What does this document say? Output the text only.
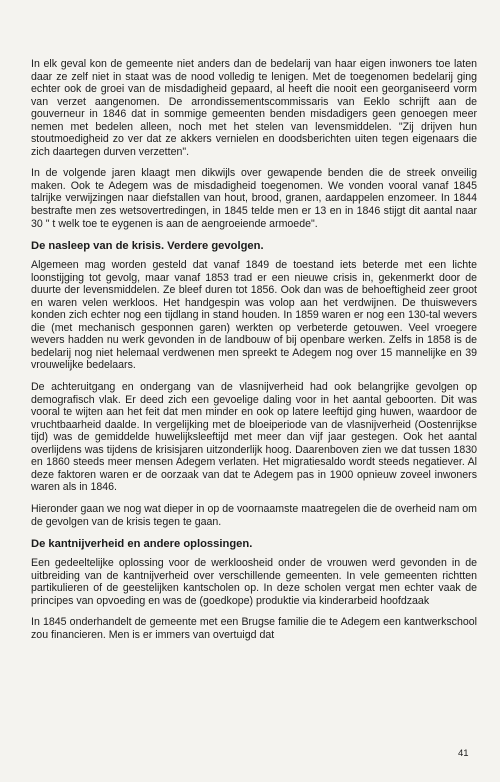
In elk geval kon de gemeente niet anders dan de bedelarij van haar eigen inwoners toe laten daar ze zelf niet in staat was de nood volledig te lenigen. Met de toegenomen bedelarij ging echter ook de groei van de misdadigheid gepaard, al heeft die nooit een georganiseerd vorm van verzet aangenomen. De arrondissementscommissaris van Eeklo schrijft aan de gouverneur in 1846 dat in sommige gemeenten benden misdadigers geen genoegen meer nemen met bedelen alleen, noch met het stelen van levensmiddelen. "Zij drijven hun stoutmoedigheid zo ver dat ze akkers vernielen en doodsberichten uiten tegen eigenaars die zich daartegen durven verzetten".

In de volgende jaren klaagt men dikwijls over gewapende benden die de streek onveilig maken. Ook te Adegem was de misdadigheid toegenomen. We vonden vooral vanaf 1845 talrijke verwijzingen naar diefstallen van hout, brood, granen, aardappelen enzomeer. In 1844 bestrafte men zes wetsovertredingen, in 1845 telde men er 13 en in 1846 stijgt dit aantal naar 30 " t welk toe te eygenen is aan de aengroeiende armoede".

De nasleep van de krisis. Verdere gevolgen.

Algemeen mag worden gesteld dat vanaf 1849 de toestand iets beterde met een lichte loonstijging tot gevolg, maar vanaf 1853 trad er een nieuwe crisis in, gekenmerkt door de duurte der levensmiddelen. Ze bleef duren tot 1856. Ook dan was de behoeftigheid zeer groot en waren velen werkloos. Het handgespin was volop aan het verdwijnen. De thuiswevers konden zich echter nog een tijdlang in stand houden. In 1859 waren er nog een 130-tal wevers die (met mechanisch gesponnen garen) werkten op verbeterde getouwen. Veel vroegere wevers hadden nu werk gevonden in de landbouw of bij openbare werken. Zelfs in 1858 is de bedelarij nog niet helemaal verdwenen men spreekt te Adegem nog over 15 mannelijke en 39 vrouwelijke bedelaars.

De achteruitgang en ondergang van de vlasnijverheid had ook belangrijke gevolgen op demografisch vlak. Er deed zich een gevoelige daling voor in het aantal geboorten. Dit was vooral te wijten aan het feit dat men minder en ook op latere leeftijd ging huwen, waardoor de vruchtbaarheid daalde. In vergelijking met de bloeiperiode van de vlasnijverheid (Oostenrijkse tijd) was de gemiddelde huwelijksleeftijd met meer dan vijf jaar gestegen. Ook het aantal overlijdens was tijdens de krisisjaren uitzonderlijk hoog. Daarenboven zien we dat tussen 1830 en 1860 steeds meer mensen Adegem verlaten. Het migratiesaldo wordt steeds negatiever. Al deze faktoren waren er de oorzaak van dat te Adegem pas in 1900 opnieuw zoveel inwoners waren als in 1846.

Hieronder gaan we nog wat dieper in op de voornaamste maatregelen die de overheid nam om de gevolgen van de krisis tegen te gaan.

De kantnijverheid en andere oplossingen.

Een gedeeltelijke oplossing voor de werkloosheid onder de vrouwen werd gevonden in de uitbreiding van de kantnijverheid over verschillende gemeenten. In vele gemeenten richtten partikulieren of de geestelijken kantscholen op. In deze scholen vergat men echter vaak de principes van opvoeding en was de (goedkope) produktie via kinderarbeid hoofdzaak

In 1845 onderhandelt de gemeente met een Brugse familie die te Adegem een kantwerkschool zou financieren. Men is er immers van overtuigd dat

41
